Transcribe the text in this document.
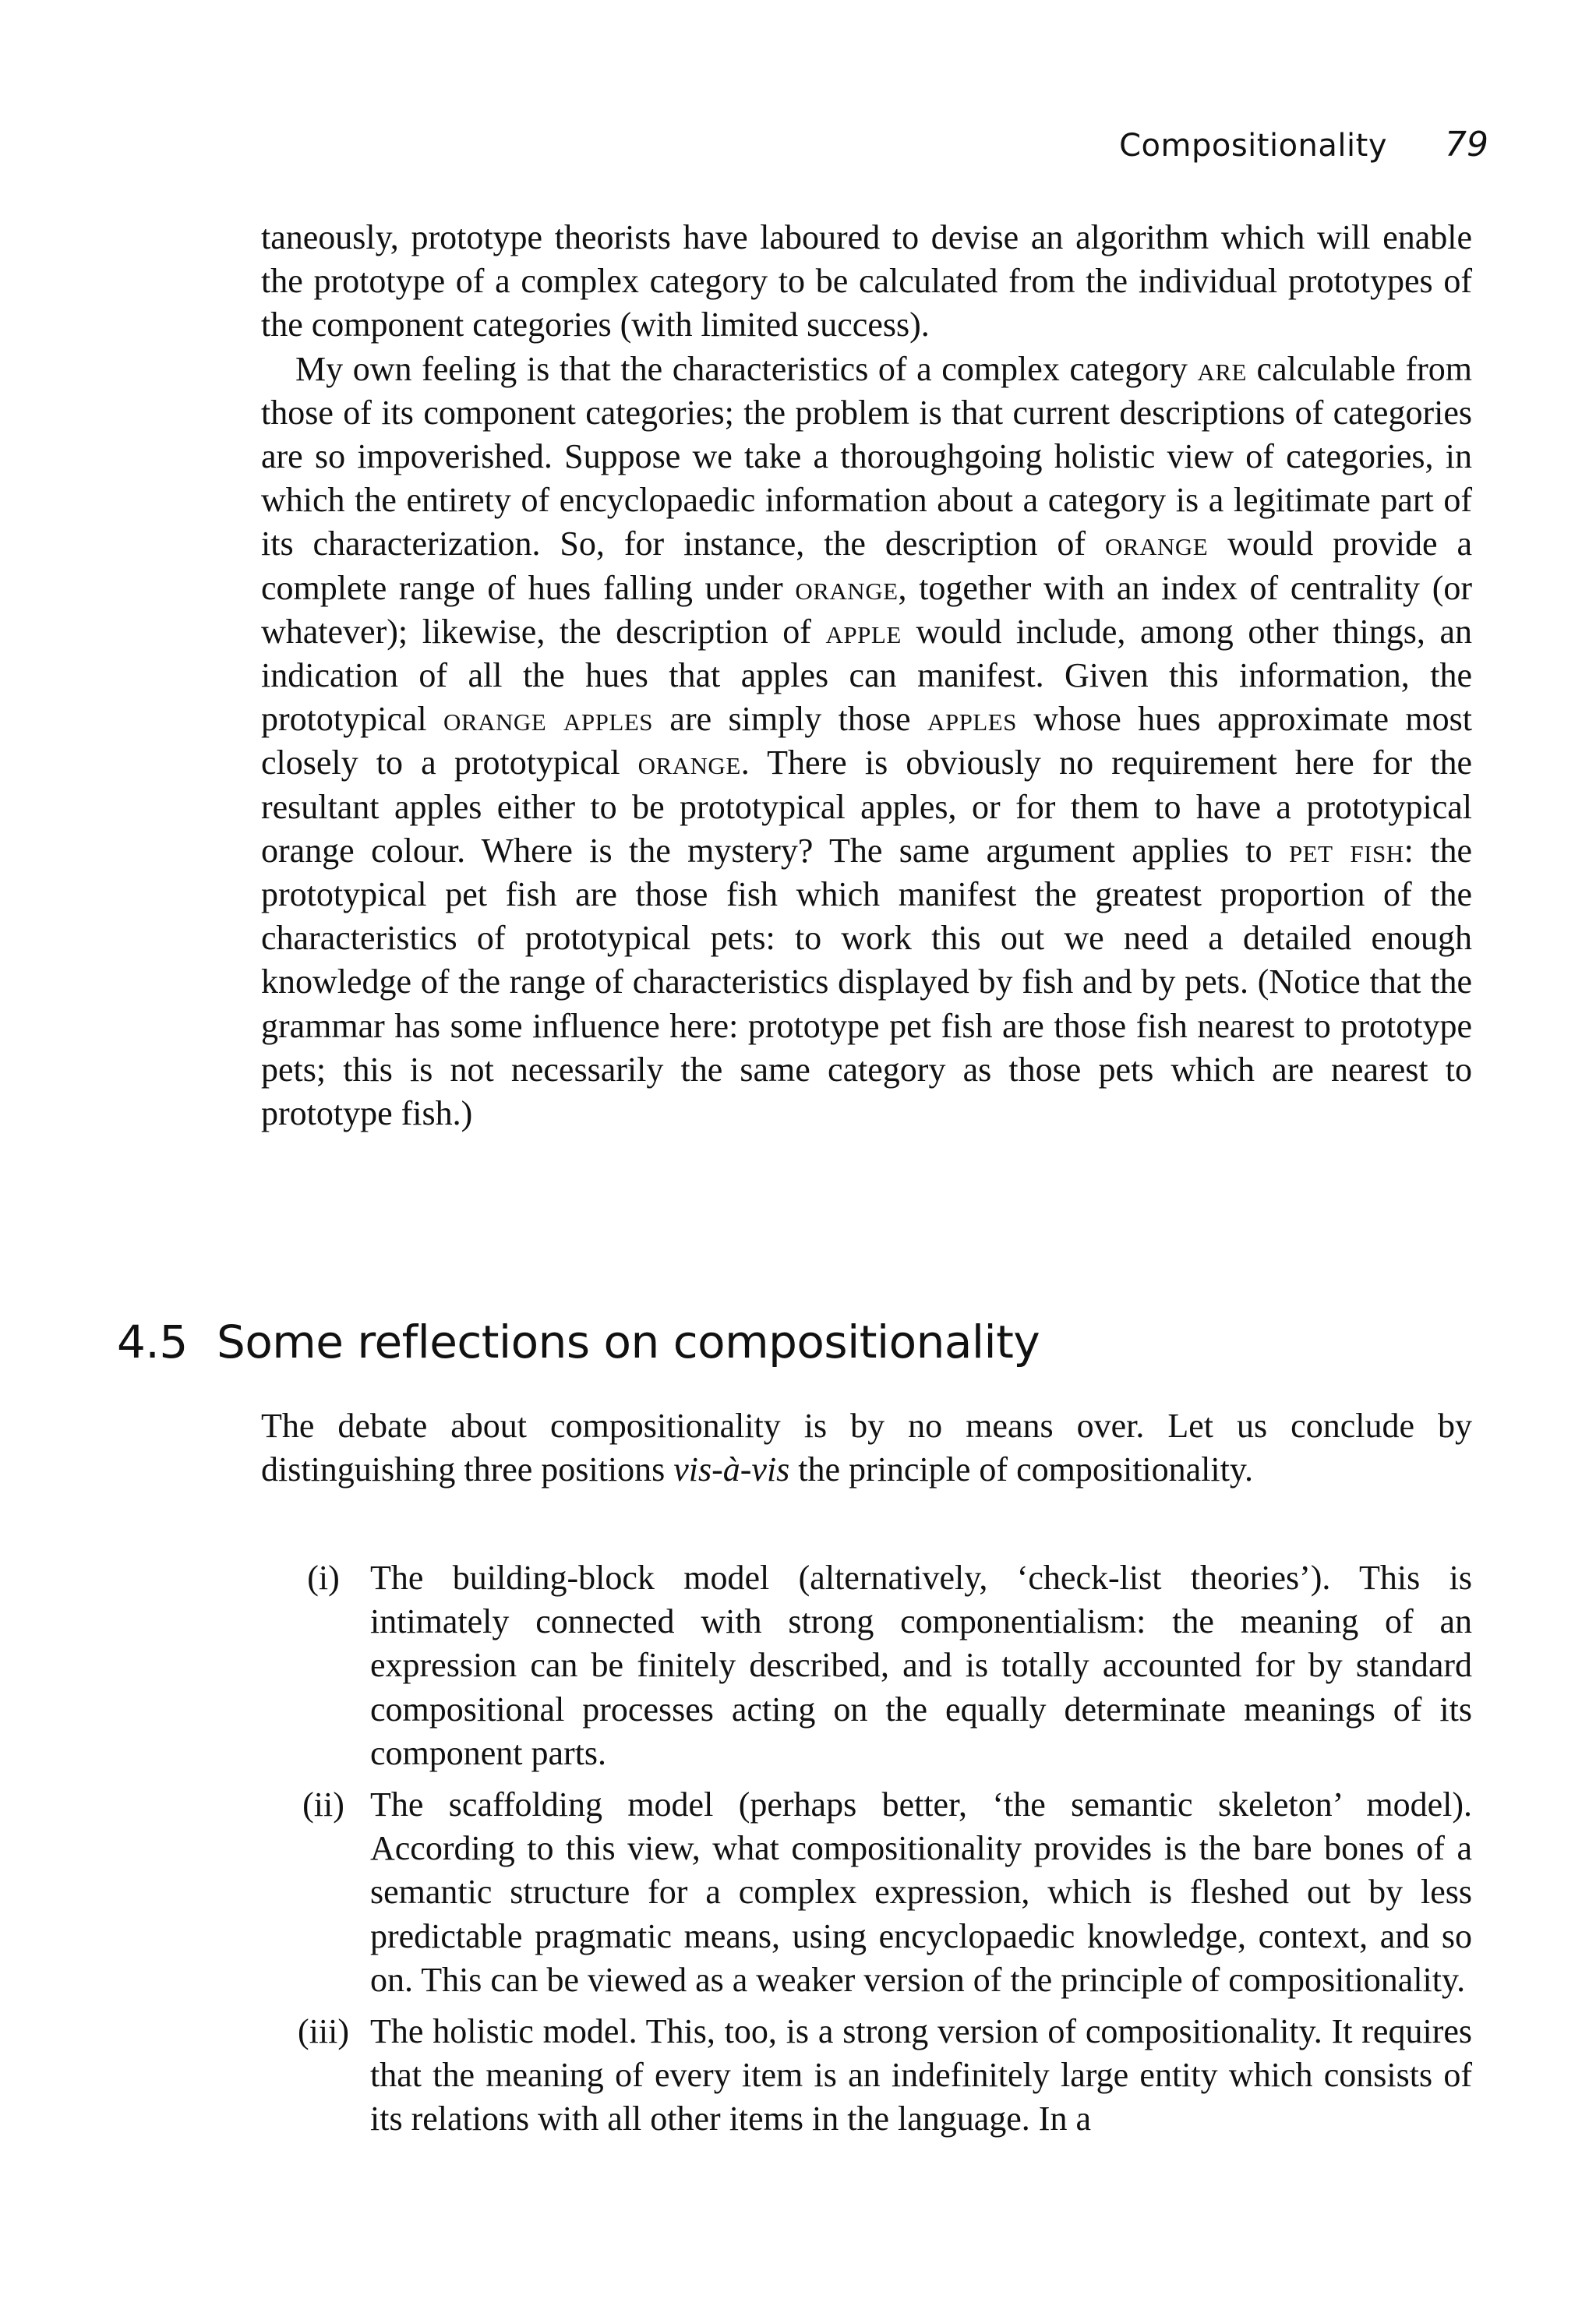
Compositionality 79

taneously, prototype theorists have laboured to devise an algorithm which will enable the prototype of a complex category to be calculated from the individual prototypes of the component categories (with limited success).

My own feeling is that the characteristics of a complex category are calculable from those of its component categories; the problem is that current descriptions of categories are so impoverished. Suppose we take a thoroughgoing holistic view of categories, in which the entirety of encyclopaedic information about a category is a legitimate part of its characterization. So, for instance, the description of orange would provide a complete range of hues falling under orange, together with an index of centrality (or whatever); likewise, the description of apple would include, among other things, an indication of all the hues that apples can manifest. Given this information, the prototypical orange apples are simply those apples whose hues approximate most closely to a prototypical orange. There is obviously no requirement here for the resultant apples either to be prototypical apples, or for them to have a prototypical orange colour. Where is the mystery? The same argument applies to pet fish: the prototypical pet fish are those fish which manifest the greatest proportion of the characteristics of prototypical pets: to work this out we need a detailed enough knowledge of the range of characteristics displayed by fish and by pets. (Notice that the grammar has some influence here: prototype pet fish are those fish nearest to prototype pets; this is not necessarily the same category as those pets which are nearest to prototype fish.)

4.5 Some reflections on compositionality

The debate about compositionality is by no means over. Let us conclude by distinguishing three positions vis-à-vis the principle of compositionality.

(i) The building-block model (alternatively, ‘check-list theories’). This is intimately connected with strong componentialism: the meaning of an expression can be finitely described, and is totally accounted for by standard compositional processes acting on the equally determinate meanings of its component parts.
(ii) The scaffolding model (perhaps better, ‘the semantic skeleton’ model). According to this view, what compositionality provides is the bare bones of a semantic structure for a complex expression, which is fleshed out by less predictable pragmatic means, using encyclopaedic knowledge, context, and so on. This can be viewed as a weaker version of the principle of compositionality.
(iii) The holistic model. This, too, is a strong version of compositionality. It requires that the meaning of every item is an indefinitely large entity which consists of its relations with all other items in the language. In a
